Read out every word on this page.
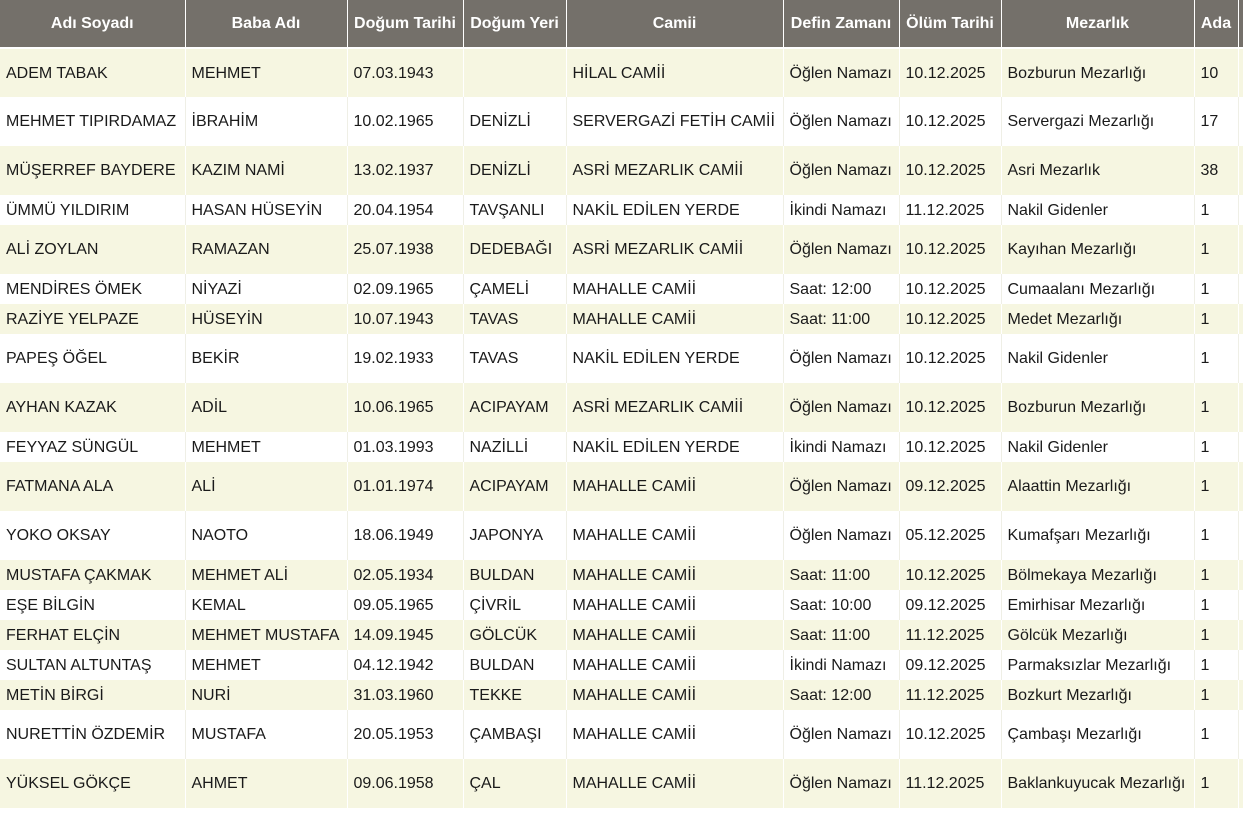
Adı Soyadı	Baba Adı	Doğum Tarihi	Doğum Yeri	Camii	Defin Zamanı	Ölüm Tarihi	Mezarlık	Ada	
ADEM TABAK	MEHMET	07.03.1943		HİLAL CAMİİ	Öğlen Namazı	10.12.2025	Bozburun Mezarlığı	10	
MEHMET TIPIRDAMAZ	İBRAHİM	10.02.1965	DENİZLİ	SERVERGAZİ FETİH CAMİİ	Öğlen Namazı	10.12.2025	Servergazi Mezarlığı	17	
MÜŞERREF BAYDERE	KAZIM NAMİ	13.02.1937	DENİZLİ	ASRİ MEZARLIK CAMİİ	Öğlen Namazı	10.12.2025	Asri Mezarlık	38	
ÜMMÜ YILDIRIM	HASAN HÜSEYİN	20.04.1954	TAVŞANLI	NAKİL EDİLEN YERDE	İkindi Namazı	11.12.2025	Nakil Gidenler	1	
ALİ ZOYLAN	RAMAZAN	25.07.1938	DEDEBAĞI	ASRİ MEZARLIK CAMİİ	Öğlen Namazı	10.12.2025	Kayıhan Mezarlığı	1	
MENDİRES ÖMEK	NİYAZİ	02.09.1965	ÇAMELİ	MAHALLE CAMİİ	Saat: 12:00	10.12.2025	Cumaalanı Mezarlığı	1	
RAZİYE YELPAZE	HÜSEYİN	10.07.1943	TAVAS	MAHALLE CAMİİ	Saat: 11:00	10.12.2025	Medet Mezarlığı	1	
PAPEŞ ÖĞEL	BEKİR	19.02.1933	TAVAS	NAKİL EDİLEN YERDE	Öğlen Namazı	10.12.2025	Nakil Gidenler	1	
AYHAN KAZAK	ADİL	10.06.1965	ACIPAYAM	ASRİ MEZARLIK CAMİİ	Öğlen Namazı	10.12.2025	Bozburun Mezarlığı	1	
FEYYAZ SÜNGÜL	MEHMET	01.03.1993	NAZİLLİ	NAKİL EDİLEN YERDE	İkindi Namazı	10.12.2025	Nakil Gidenler	1	
FATMANA ALA	ALİ	01.01.1974	ACIPAYAM	MAHALLE CAMİİ	Öğlen Namazı	09.12.2025	Alaattin Mezarlığı	1	
YOKO OKSAY	NAOTO	18.06.1949	JAPONYA	MAHALLE CAMİİ	Öğlen Namazı	05.12.2025	Kumafşarı Mezarlığı	1	
MUSTAFA ÇAKMAK	MEHMET ALİ	02.05.1934	BULDAN	MAHALLE CAMİİ	Saat: 11:00	10.12.2025	Bölmekaya Mezarlığı	1	
EŞE BİLGİN	KEMAL	09.05.1965	ÇİVRİL	MAHALLE CAMİİ	Saat: 10:00	09.12.2025	Emirhisar Mezarlığı	1	
FERHAT ELÇİN	MEHMET MUSTAFA	14.09.1945	GÖLCÜK	MAHALLE CAMİİ	Saat: 11:00	11.12.2025	Gölcük Mezarlığı	1	
SULTAN ALTUNTAŞ	MEHMET	04.12.1942	BULDAN	MAHALLE CAMİİ	İkindi Namazı	09.12.2025	Parmaksızlar Mezarlığı	1	
METİN BİRGİ	NURİ	31.03.1960	TEKKE	MAHALLE CAMİİ	Saat: 12:00	11.12.2025	Bozkurt Mezarlığı	1	
NURETTİN ÖZDEMİR	MUSTAFA	20.05.1953	ÇAMBAŞI	MAHALLE CAMİİ	Öğlen Namazı	10.12.2025	Çambaşı Mezarlığı	1	
YÜKSEL GÖKÇE	AHMET	09.06.1958	ÇAL	MAHALLE CAMİİ	Öğlen Namazı	11.12.2025	Baklankuyucak Mezarlığı	1	
